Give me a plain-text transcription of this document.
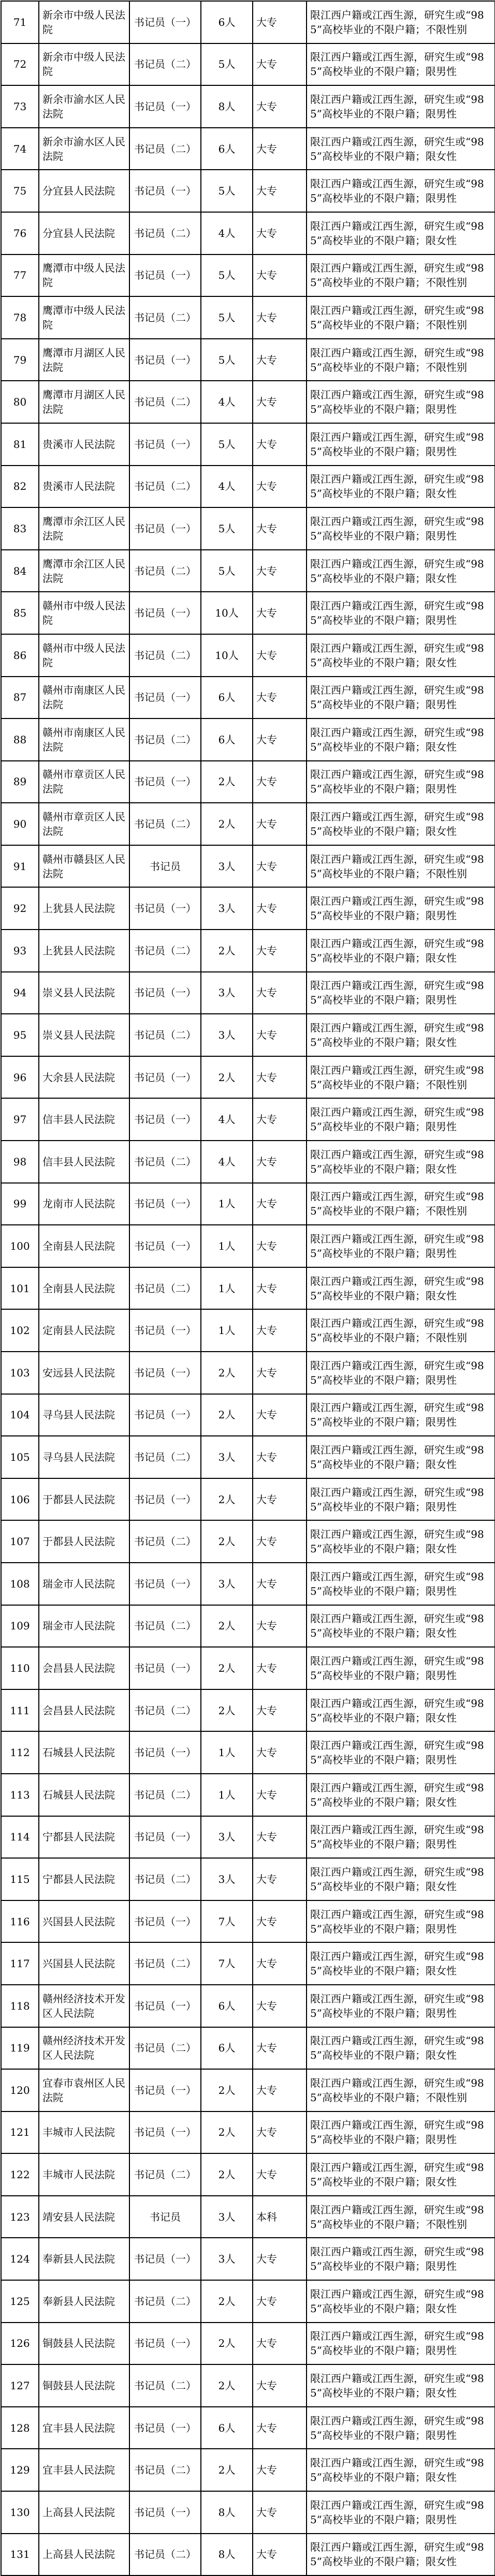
71	新余市中级人民法院	书记员（一）	6人	大专	限江西户籍或江西生源，研究生或“985”高校毕业的不限户籍；不限性别
72	新余市中级人民法院	书记员（二）	5人	大专	限江西户籍或江西生源，研究生或“985”高校毕业的不限户籍；限男性
73	新余市渝水区人民法院	书记员（一）	8人	大专	限江西户籍或江西生源，研究生或“985”高校毕业的不限户籍；限男性
74	新余市渝水区人民法院	书记员（二）	6人	大专	限江西户籍或江西生源，研究生或“985”高校毕业的不限户籍；限女性
75	分宜县人民法院	书记员（一）	5人	大专	限江西户籍或江西生源，研究生或“985”高校毕业的不限户籍；限男性
76	分宜县人民法院	书记员（二）	4人	大专	限江西户籍或江西生源，研究生或“985”高校毕业的不限户籍；限女性
77	鹰潭市中级人民法院	书记员（一）	5人	大专	限江西户籍或江西生源，研究生或“985”高校毕业的不限户籍；不限性别
78	鹰潭市中级人民法院	书记员（二）	5人	大专	限江西户籍或江西生源，研究生或“985”高校毕业的不限户籍；不限性别
79	鹰潭市月湖区人民法院	书记员（一）	5人	大专	限江西户籍或江西生源，研究生或“985”高校毕业的不限户籍；不限性别
80	鹰潭市月湖区人民法院	书记员（二）	4人	大专	限江西户籍或江西生源，研究生或“985”高校毕业的不限户籍；限男性
81	贵溪市人民法院	书记员（一）	5人	大专	限江西户籍或江西生源，研究生或“985”高校毕业的不限户籍；限男性
82	贵溪市人民法院	书记员（二）	4人	大专	限江西户籍或江西生源，研究生或“985”高校毕业的不限户籍；限女性
83	鹰潭市余江区人民法院	书记员（一）	5人	大专	限江西户籍或江西生源，研究生或“985”高校毕业的不限户籍；限男性
84	鹰潭市余江区人民法院	书记员（二）	5人	大专	限江西户籍或江西生源，研究生或“985”高校毕业的不限户籍；限女性
85	赣州市中级人民法院	书记员（一）	10人	大专	限江西户籍或江西生源，研究生或“985”高校毕业的不限户籍；限男性
86	赣州市中级人民法院	书记员（二）	10人	大专	限江西户籍或江西生源，研究生或“985”高校毕业的不限户籍；限女性
87	赣州市南康区人民法院	书记员（一）	6人	大专	限江西户籍或江西生源，研究生或“985”高校毕业的不限户籍；限男性
88	赣州市南康区人民法院	书记员（二）	6人	大专	限江西户籍或江西生源，研究生或“985”高校毕业的不限户籍；限女性
89	赣州市章贡区人民法院	书记员（一）	2人	大专	限江西户籍或江西生源，研究生或“985”高校毕业的不限户籍；限男性
90	赣州市章贡区人民法院	书记员（二）	2人	大专	限江西户籍或江西生源，研究生或“985”高校毕业的不限户籍；限女性
91	赣州市赣县区人民法院	书记员	3人	大专	限江西户籍或江西生源，研究生或“985”高校毕业的不限户籍；不限性别
92	上犹县人民法院	书记员（一）	3人	大专	限江西户籍或江西生源，研究生或“985”高校毕业的不限户籍；限男性
93	上犹县人民法院	书记员（二）	2人	大专	限江西户籍或江西生源，研究生或“985”高校毕业的不限户籍；限女性
94	崇义县人民法院	书记员（一）	3人	大专	限江西户籍或江西生源，研究生或“985”高校毕业的不限户籍；限男性
95	崇义县人民法院	书记员（二）	3人	大专	限江西户籍或江西生源，研究生或“985”高校毕业的不限户籍；限女性
96	大余县人民法院	书记员（一）	2人	大专	限江西户籍或江西生源，研究生或“985”高校毕业的不限户籍；不限性别
97	信丰县人民法院	书记员（一）	4人	大专	限江西户籍或江西生源，研究生或“985”高校毕业的不限户籍；限男性
98	信丰县人民法院	书记员（二）	4人	大专	限江西户籍或江西生源，研究生或“985”高校毕业的不限户籍；限女性
99	龙南市人民法院	书记员（一）	1人	大专	限江西户籍或江西生源，研究生或“985”高校毕业的不限户籍；不限性别
100	全南县人民法院	书记员（一）	1人	大专	限江西户籍或江西生源，研究生或“985”高校毕业的不限户籍；限男性
101	全南县人民法院	书记员（二）	1人	大专	限江西户籍或江西生源，研究生或“985”高校毕业的不限户籍；限女性
102	定南县人民法院	书记员（一）	1人	大专	限江西户籍或江西生源，研究生或“985”高校毕业的不限户籍；不限性别
103	安远县人民法院	书记员（一）	2人	大专	限江西户籍或江西生源，研究生或“985”高校毕业的不限户籍；限男性
104	寻乌县人民法院	书记员（一）	2人	大专	限江西户籍或江西生源，研究生或“985”高校毕业的不限户籍；限男性
105	寻乌县人民法院	书记员（二）	3人	大专	限江西户籍或江西生源，研究生或“985”高校毕业的不限户籍；限女性
106	于都县人民法院	书记员（一）	2人	大专	限江西户籍或江西生源，研究生或“985”高校毕业的不限户籍；限男性
107	于都县人民法院	书记员（二）	2人	大专	限江西户籍或江西生源，研究生或“985”高校毕业的不限户籍；限女性
108	瑞金市人民法院	书记员（一）	3人	大专	限江西户籍或江西生源，研究生或“985”高校毕业的不限户籍；限男性
109	瑞金市人民法院	书记员（二）	2人	大专	限江西户籍或江西生源，研究生或“985”高校毕业的不限户籍；限女性
110	会昌县人民法院	书记员（一）	2人	大专	限江西户籍或江西生源，研究生或“985”高校毕业的不限户籍；限男性
111	会昌县人民法院	书记员（二）	2人	大专	限江西户籍或江西生源，研究生或“985”高校毕业的不限户籍；限女性
112	石城县人民法院	书记员（一）	1人	大专	限江西户籍或江西生源，研究生或“985”高校毕业的不限户籍；限男性
113	石城县人民法院	书记员（二）	1人	大专	限江西户籍或江西生源，研究生或“985”高校毕业的不限户籍；限女性
114	宁都县人民法院	书记员（一）	3人	大专	限江西户籍或江西生源，研究生或“985”高校毕业的不限户籍；限男性
115	宁都县人民法院	书记员（二）	3人	大专	限江西户籍或江西生源，研究生或“985”高校毕业的不限户籍；限女性
116	兴国县人民法院	书记员（一）	7人	大专	限江西户籍或江西生源，研究生或“985”高校毕业的不限户籍；限男性
117	兴国县人民法院	书记员（二）	7人	大专	限江西户籍或江西生源，研究生或“985”高校毕业的不限户籍；限女性
118	赣州经济技术开发区人民法院	书记员（一）	6人	大专	限江西户籍或江西生源，研究生或“985”高校毕业的不限户籍；限男性
119	赣州经济技术开发区人民法院	书记员（二）	6人	大专	限江西户籍或江西生源，研究生或“985”高校毕业的不限户籍；限女性
120	宜春市袁州区人民法院	书记员（一）	2人	大专	限江西户籍或江西生源，研究生或“985”高校毕业的不限户籍；不限性别
121	丰城市人民法院	书记员（一）	2人	大专	限江西户籍或江西生源，研究生或“985”高校毕业的不限户籍；限男性
122	丰城市人民法院	书记员（二）	2人	大专	限江西户籍或江西生源，研究生或“985”高校毕业的不限户籍；限女性
123	靖安县人民法院	书记员	3人	本科	限江西户籍或江西生源，研究生或“985”高校毕业的不限户籍；不限性别
124	奉新县人民法院	书记员（一）	3人	大专	限江西户籍或江西生源，研究生或“985”高校毕业的不限户籍；限男性
125	奉新县人民法院	书记员（二）	2人	大专	限江西户籍或江西生源，研究生或“985”高校毕业的不限户籍；限女性
126	铜鼓县人民法院	书记员（一）	2人	大专	限江西户籍或江西生源，研究生或“985”高校毕业的不限户籍；限男性
127	铜鼓县人民法院	书记员（二）	2人	大专	限江西户籍或江西生源，研究生或“985”高校毕业的不限户籍；限女性
128	宜丰县人民法院	书记员（一）	6人	大专	限江西户籍或江西生源，研究生或“985”高校毕业的不限户籍；限男性
129	宜丰县人民法院	书记员（二）	2人	大专	限江西户籍或江西生源，研究生或“985”高校毕业的不限户籍；限女性
130	上高县人民法院	书记员（一）	8人	大专	限江西户籍或江西生源，研究生或“985”高校毕业的不限户籍；限男性
131	上高县人民法院	书记员（二）	8人	大专	限江西户籍或江西生源，研究生或“985”高校毕业的不限户籍；限女性
